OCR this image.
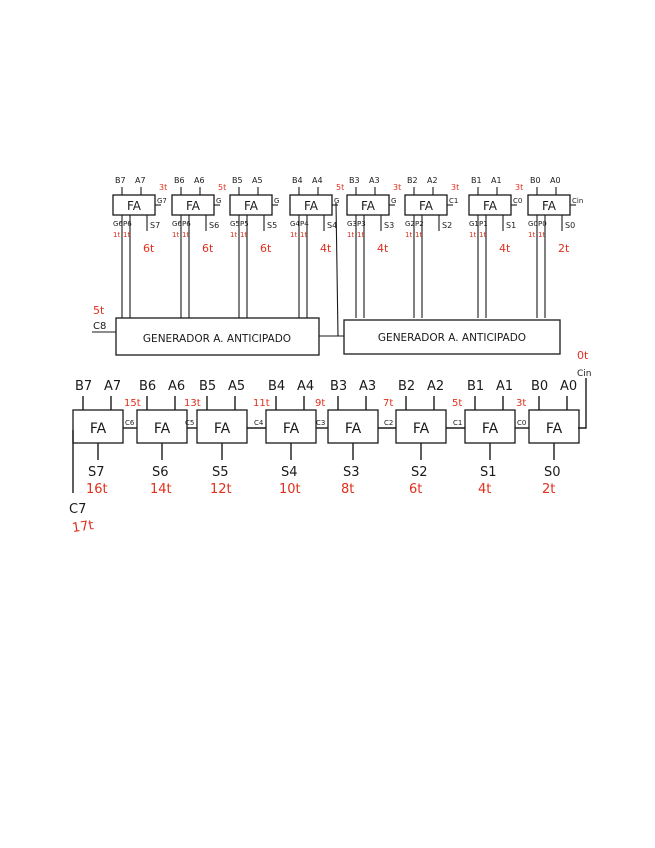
FA
B7 A7
G7
3t
G6 P6
1t 1t
S7
6t
FA
B6 A6
G
5t
G6 P6
1t 1t
S6
6t
FA
B5 A5
G
G5 P5
1t 1t
S5
6t
FA
B4 A4
G
5t
G4 P4
1t 1t
S4
4t
FA
B3 A3
G
3t
G3 P3
1t 1t
S3
4t
FA
B2 A2
C1
3t
G2 P2
1t 1t
S2
FA
B1 A1
C0
3t
G1 P1
1t 1t
S1
4t
FA
B0 A0
Cin
G0 P0
1t 1t
S0
2t
GENERADOR A. ANTICIPADO	GENERADOR A. ANTICIPADO
5t
C8
FA
B7 A7
S7
16t
FA
B6 A6
S6
14t
15t
FA
B5 A5
S5
12t
13t
FA
B4 A4
S4
10t
11t
FA
B3 A3
S3
8t
9t
FA
B2 A2
S2
6t
7t
FA
B1 A1
S1
4t
5t
FA
B0 A0
S0
2t
3t
C6	C5	C4	C3	C2	C1	C0
C7
17t
0t
Cin
